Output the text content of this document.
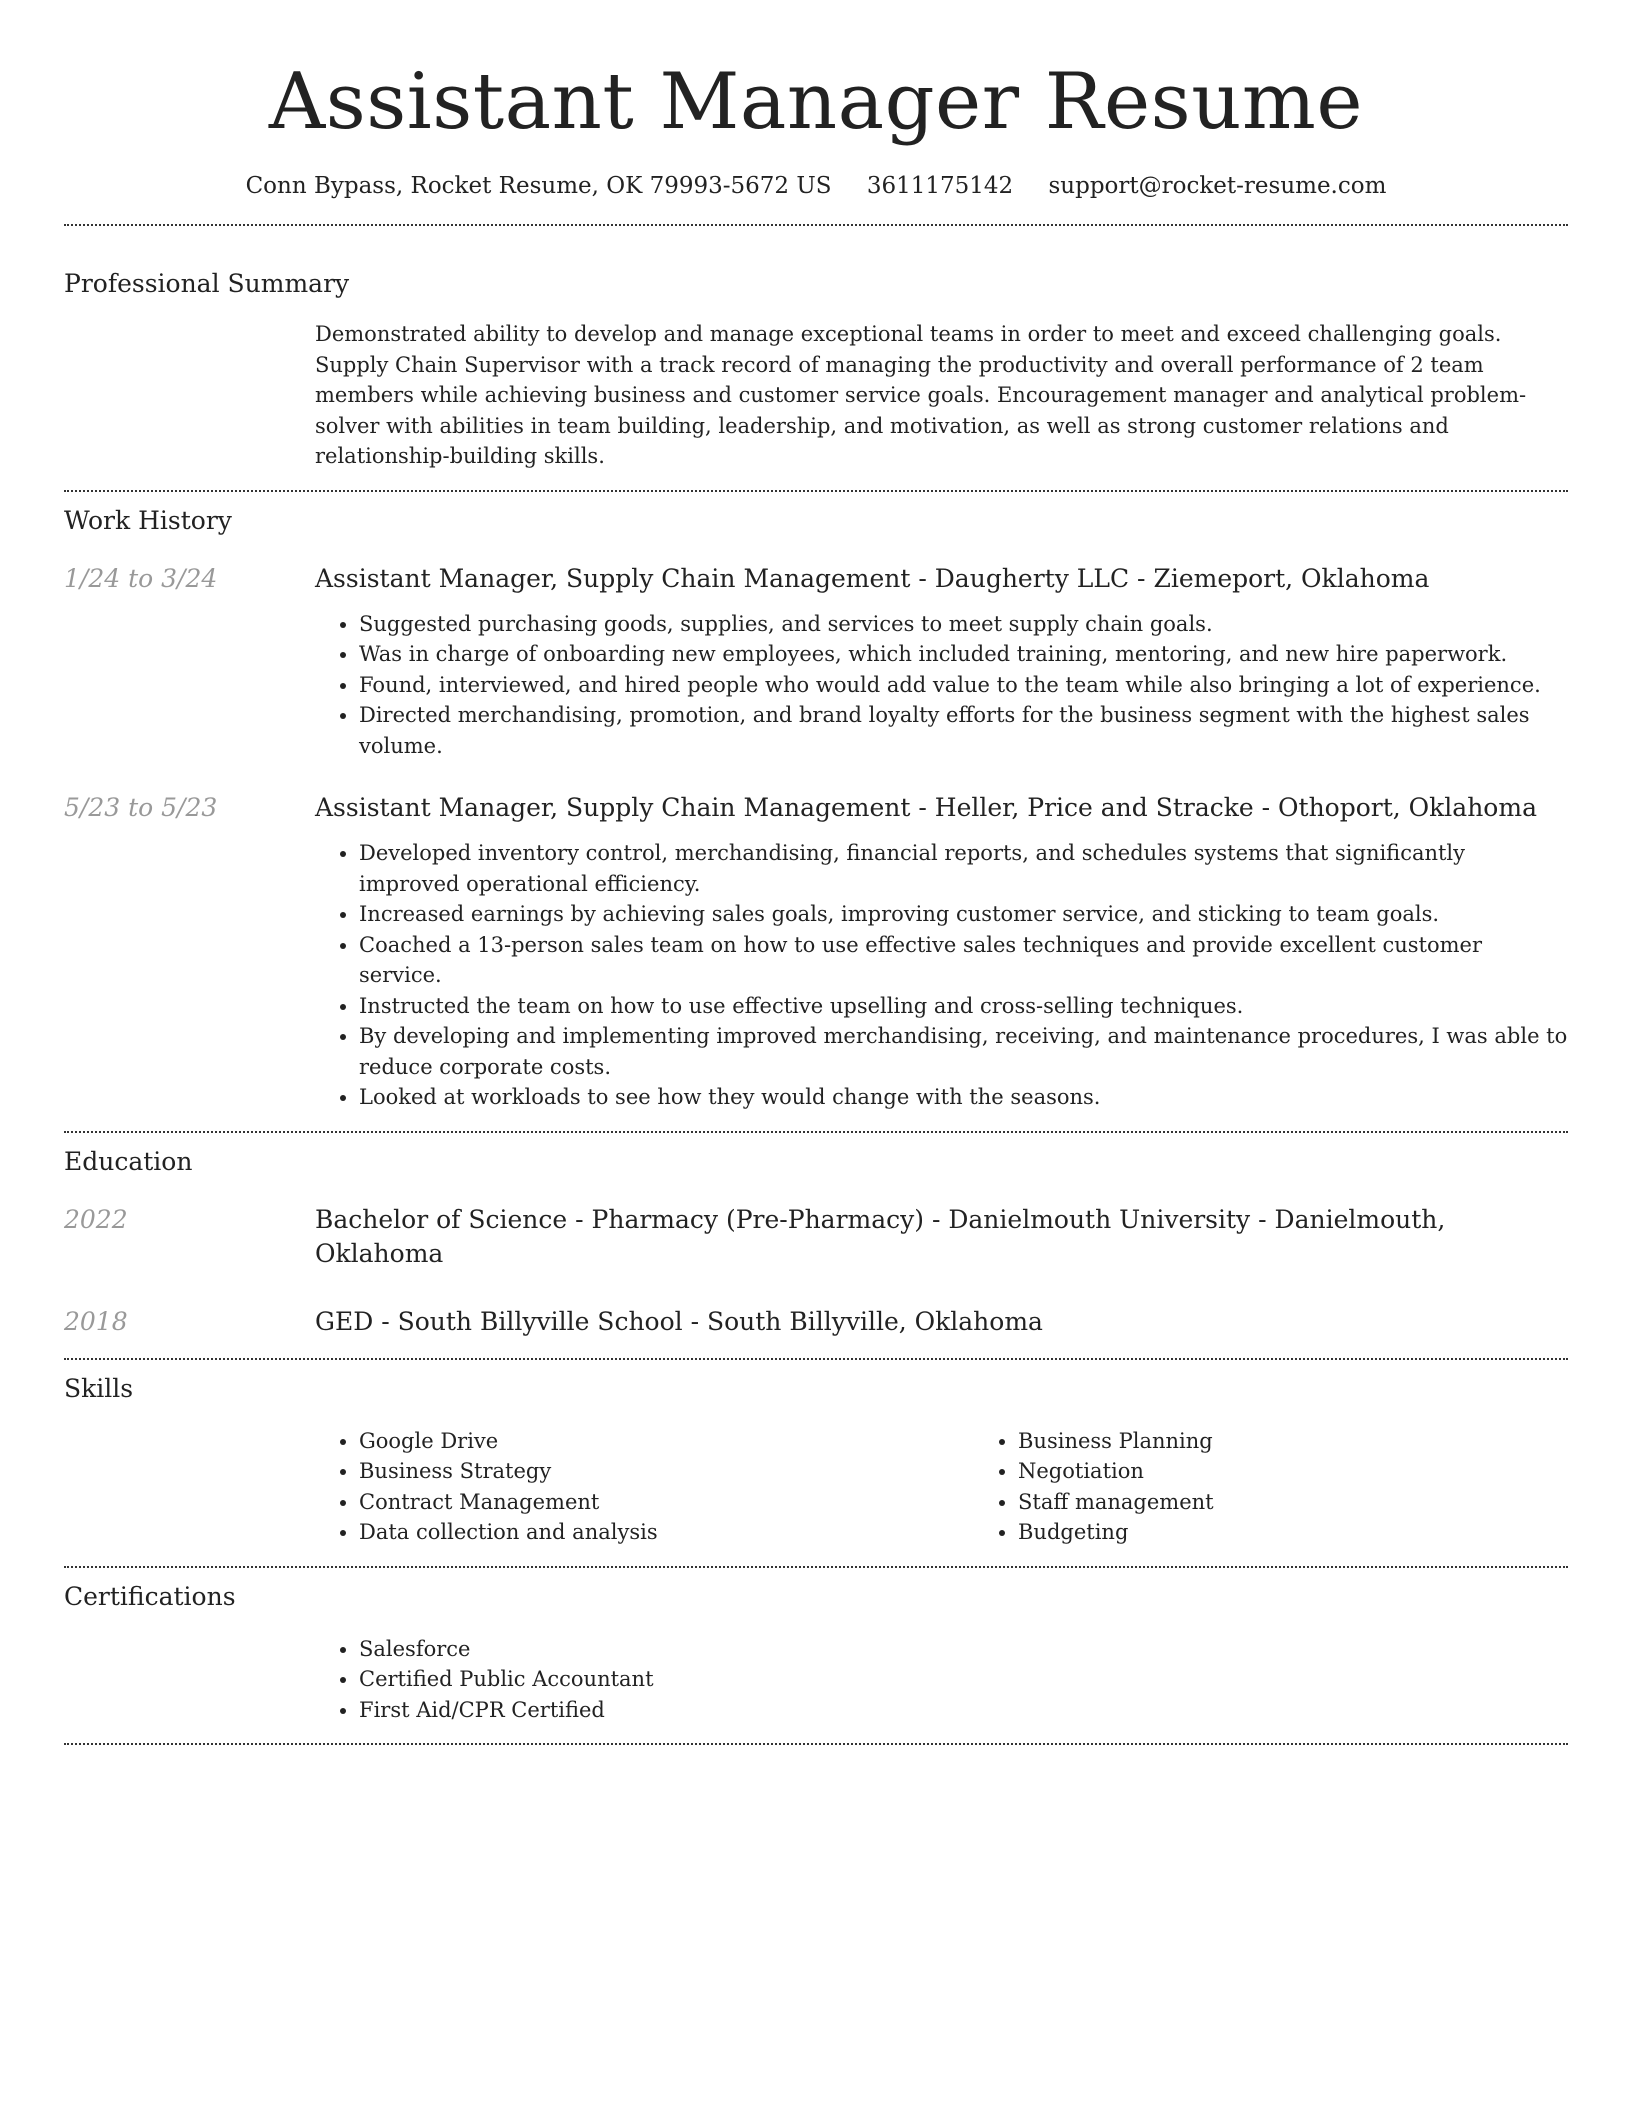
Assistant Manager Resume
Conn Bypass, Rocket Resume, OK 79993-5672 US 3611175142 support@rocket-resume.com
Professional Summary

Demonstrated ability to develop and manage exceptional teams in order to meet and exceed challenging goals. Supply Chain Supervisor with a track record of managing the productivity and overall performance of 2 team members while achieving business and customer service goals. Encouragement manager and analytical problem-solver with abilities in team building, leadership, and motivation, as well as strong customer relations and relationship-building skills.

Work History
1/24 to 3/24	Assistant Manager, Supply Chain Management - Daugherty LLC - Ziemeport, Oklahoma
• Suggested purchasing goods, supplies, and services to meet supply chain goals.
• Was in charge of onboarding new employees, which included training, mentoring, and new hire paperwork.
• Found, interviewed, and hired people who would add value to the team while also bringing a lot of experience.
• Directed merchandising, promotion, and brand loyalty efforts for the business segment with the highest sales volume.
5/23 to 5/23	Assistant Manager, Supply Chain Management - Heller, Price and Stracke - Othoport, Oklahoma
• Developed inventory control, merchandising, financial reports, and schedules systems that significantly improved operational efficiency.
• Increased earnings by achieving sales goals, improving customer service, and sticking to team goals.
• Coached a 13-person sales team on how to use effective sales techniques and provide excellent customer service.
• Instructed the team on how to use effective upselling and cross-selling techniques.
• By developing and implementing improved merchandising, receiving, and maintenance procedures, I was able to reduce corporate costs.
• Looked at workloads to see how they would change with the seasons.
Education
2022	Bachelor of Science - Pharmacy (Pre-Pharmacy) - Danielmouth University - Danielmouth, Oklahoma
2018	GED - South Billyville School - South Billyville, Oklahoma
Skills
• Google Drive
• Business Strategy
• Contract Management
• Data collection and analysis
• Business Planning
• Negotiation
• Staff management
• Budgeting
Certifications
• Salesforce
• Certified Public Accountant
• First Aid/CPR Certified
